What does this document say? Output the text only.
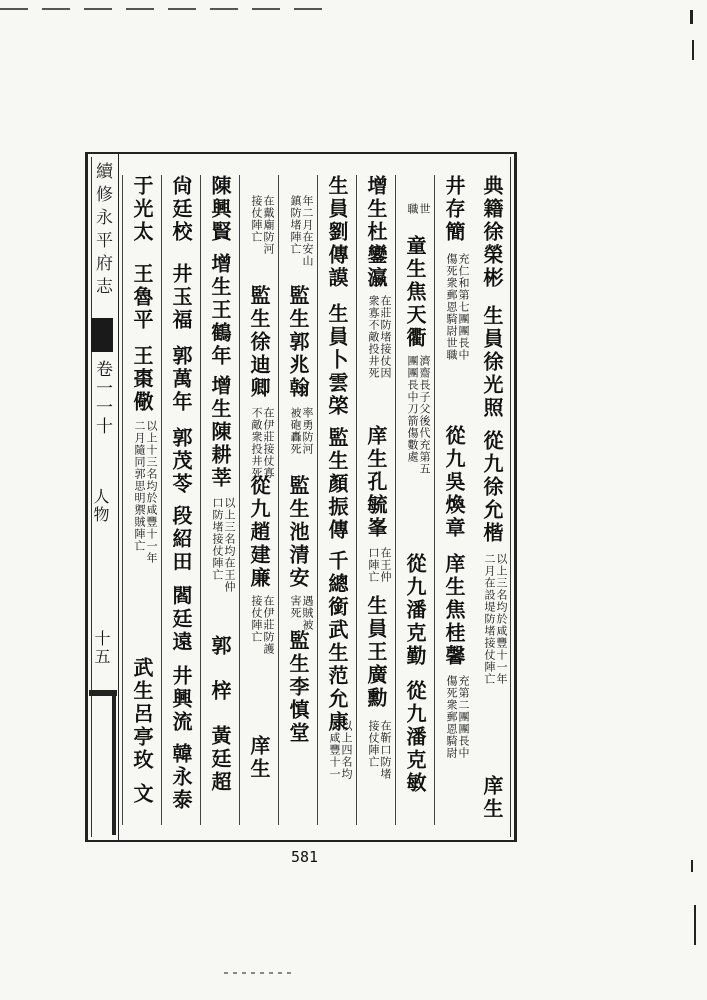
續修永平府志
卷一一十
人物
十五
典籍徐榮彬
生員徐光照
從九徐允楷
以上三名均於咸豐十一年
二月在設堤防堵接仗陣亡
庠生
井存簡
充仁和第七團團長中
傷死衆郵恩騎尉世職
從九吳煥章
庠生焦桂馨
充第二團團長中
傷死衆郵恩騎尉
世
職
童生焦天衢
濟齋長子父後代充第五
團團長中刀箭傷數處
從九潘克勤
從九潘克敏
增生杜鑾瀛
在莊防堵接仗因
衆寡不敵投井死
庠生孔毓峯
在王仲
口陣亡
生員王廣勳
在靳口防堵
接仗陣亡
生員劉傳謨
生員卜雲棨
監生顏振傳
千總銜武生范允康
以上四名均
於咸豐十一
年二月在安山
鎮防堵陣亡
監生郭兆翰
率勇防河
被砲轟死
監生池清安
遇賊被
害死
監生李慎堂
在戴廟防河
接仗陣亡
監生徐迪卿
在伊莊接仗寡
不敵衆投井死
從九趙建廉
在伊莊防護
接仗陣亡
庠生
陳興賢
增生王鶴年
增生陳耕莘
以上三名均在王仲
口防堵接仗陣亡
郭
梓
黃廷超
尙廷校
井玉福
郭萬年
郭茂苓
段紹田
閻廷遠
井興流
韓永泰
于光太
王魯平
王棗儆
以上十三名均於咸豐十一年
二月隨同郭思明禦賊陣亡
武生呂亭玫
文
581
